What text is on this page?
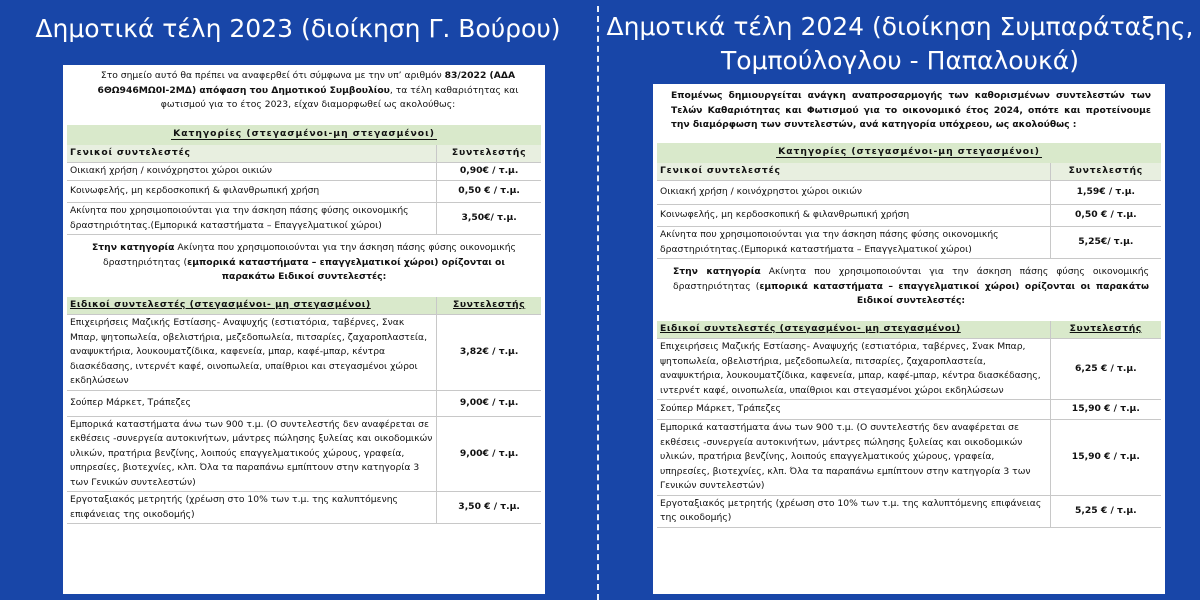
Δημοτικά τέλη 2023 (διοίκηση Γ. Βούρου)	Δημοτικά τέλη 2024 (διοίκηση Συμπαράταξης,
Τομπούλογλου - Παπαλουκά)

Στο σημείο αυτό θα πρέπει να αναφερθεί ότι σύμφωνα με την υπ’ αριθμόν 83/2022 (ΑΔΑ 6ΘΩ946ΜΩ0Ι-2ΜΔ) απόφαση του Δημοτικού Συμβουλίου, τα τέλη καθαριότητας και φωτισμού για το έτος 2023, είχαν διαμορφωθεί ως ακολούθως:

Κατηγορίες (στεγασμένοι-μη στεγασμένοι)	
Γενικοί συντελεστές	Συντελεστής
Οικιακή χρήση / κοινόχρηστοι χώροι οικιών	0,90€ / τ.μ.
Κοινωφελής, μη κερδοσκοπική & φιλανθρωπική χρήση	0,50 € / τ.μ.
Ακίνητα που χρησιμοποιούνται για την άσκηση πάσης φύσης οικονομικής δραστηριότητας.(Εμπορικά καταστήματα – Επαγγελματικοί χώροι)	3,50€/ τ.μ.

Στην κατηγορία Ακίνητα που χρησιμοποιούνται για την άσκηση πάσης φύσης οικονομικής δραστηριότητας (εμπορικά καταστήματα – επαγγελματικοί χώροι) ορίζονται οι παρακάτω Ειδικοί συντελεστές:

Ειδικοί συντελεστές (στεγασμένοι- μη στεγασμένοι)	Συντελεστής
Επιχειρήσεις Μαζικής Εστίασης- Αναψυχής (εστιατόρια, ταβέρνες, Σνακ Μπαρ, ψητοπωλεία, οβελιστήρια, μεζεδοπωλεία, πιτσαρίες, ζαχαροπλαστεία, αναψυκτήρια, λουκουματζίδικα, καφενεία, μπαρ, καφέ-μπαρ, κέντρα διασκέδασης, ιντερνέτ καφέ, οινοπωλεία, υπαίθριοι και στεγασμένοι χώροι εκδηλώσεων	3,82€ / τ.μ.
Σούπερ Μάρκετ, Τράπεζες	9,00€ / τ.μ.
Εμπορικά καταστήματα άνω των 900 τ.μ. (Ο συντελεστής δεν αναφέρεται σε εκθέσεις -συνεργεία αυτοκινήτων, μάντρες πώλησης ξυλείας και οικοδομικών υλικών, πρατήρια βενζίνης, λοιπούς επαγγελματικούς χώρους, γραφεία, υπηρεσίες, βιοτεχνίες, κλπ. Όλα τα παραπάνω εμπίπτουν στην κατηγορία 3 των Γενικών συντελεστών)	9,00€ / τ.μ.
Εργοταξιακός μετρητής (χρέωση στο 10% των τ.μ. της καλυπτόμενης επιφάνειας της οικοδομής)	3,50 € / τ.μ.

Επομένως δημιουργείται ανάγκη αναπροσαρμογής των καθορισμένων συντελεστών των Τελών Καθαριότητας και Φωτισμού για το οικονομικό έτος 2024, οπότε και προτείνουμε την διαμόρφωση των συντελεστών, ανά κατηγορία υπόχρεου, ως ακολούθως :

Κατηγορίες (στεγασμένοι-μη στεγασμένοι)	
Γενικοί συντελεστές	Συντελεστής
Οικιακή χρήση / κοινόχρηστοι χώροι οικιών	1,59€ / τ.μ.
Κοινωφελής, μη κερδοσκοπική & φιλανθρωπική χρήση	0,50 € / τ.μ.
Ακίνητα που χρησιμοποιούνται για την άσκηση πάσης φύσης οικονομικής δραστηριότητας.(Εμπορικά καταστήματα – Επαγγελματικοί χώροι)	5,25€/ τ.μ.

Στην κατηγορία Ακίνητα που χρησιμοποιούνται για την άσκηση πάσης φύσης οικονομικής δραστηριότητας (εμπορικά καταστήματα – επαγγελματικοί χώροι) ορίζονται οι παρακάτω Ειδικοί συντελεστές:

Ειδικοί συντελεστές (στεγασμένοι- μη στεγασμένοι)	Συντελεστής
Επιχειρήσεις Μαζικής Εστίασης- Αναψυχής (εστιατόρια, ταβέρνες, Σνακ Μπαρ, ψητοπωλεία, οβελιστήρια, μεζεδοπωλεία, πιτσαρίες, ζαχαροπλαστεία, αναψυκτήρια, λουκουματζίδικα, καφενεία, μπαρ, καφέ-μπαρ, κέντρα διασκέδασης, ιντερνέτ καφέ, οινοπωλεία, υπαίθριοι και στεγασμένοι χώροι εκδηλώσεων	6,25 € / τ.μ.
Σούπερ Μάρκετ, Τράπεζες	15,90 € / τ.μ.
Εμπορικά καταστήματα άνω των 900 τ.μ. (Ο συντελεστής δεν αναφέρεται σε εκθέσεις -συνεργεία αυτοκινήτων, μάντρες πώλησης ξυλείας και οικοδομικών υλικών, πρατήρια βενζίνης, λοιπούς επαγγελματικούς χώρους, γραφεία, υπηρεσίες, βιοτεχνίες, κλπ. Όλα τα παραπάνω εμπίπτουν στην κατηγορία 3 των Γενικών συντελεστών)	15,90 € / τ.μ.
Εργοταξιακός μετρητής (χρέωση στο 10% των τ.μ. της καλυπτόμενης επιφάνειας της οικοδομής)	5,25 € / τ.μ.
